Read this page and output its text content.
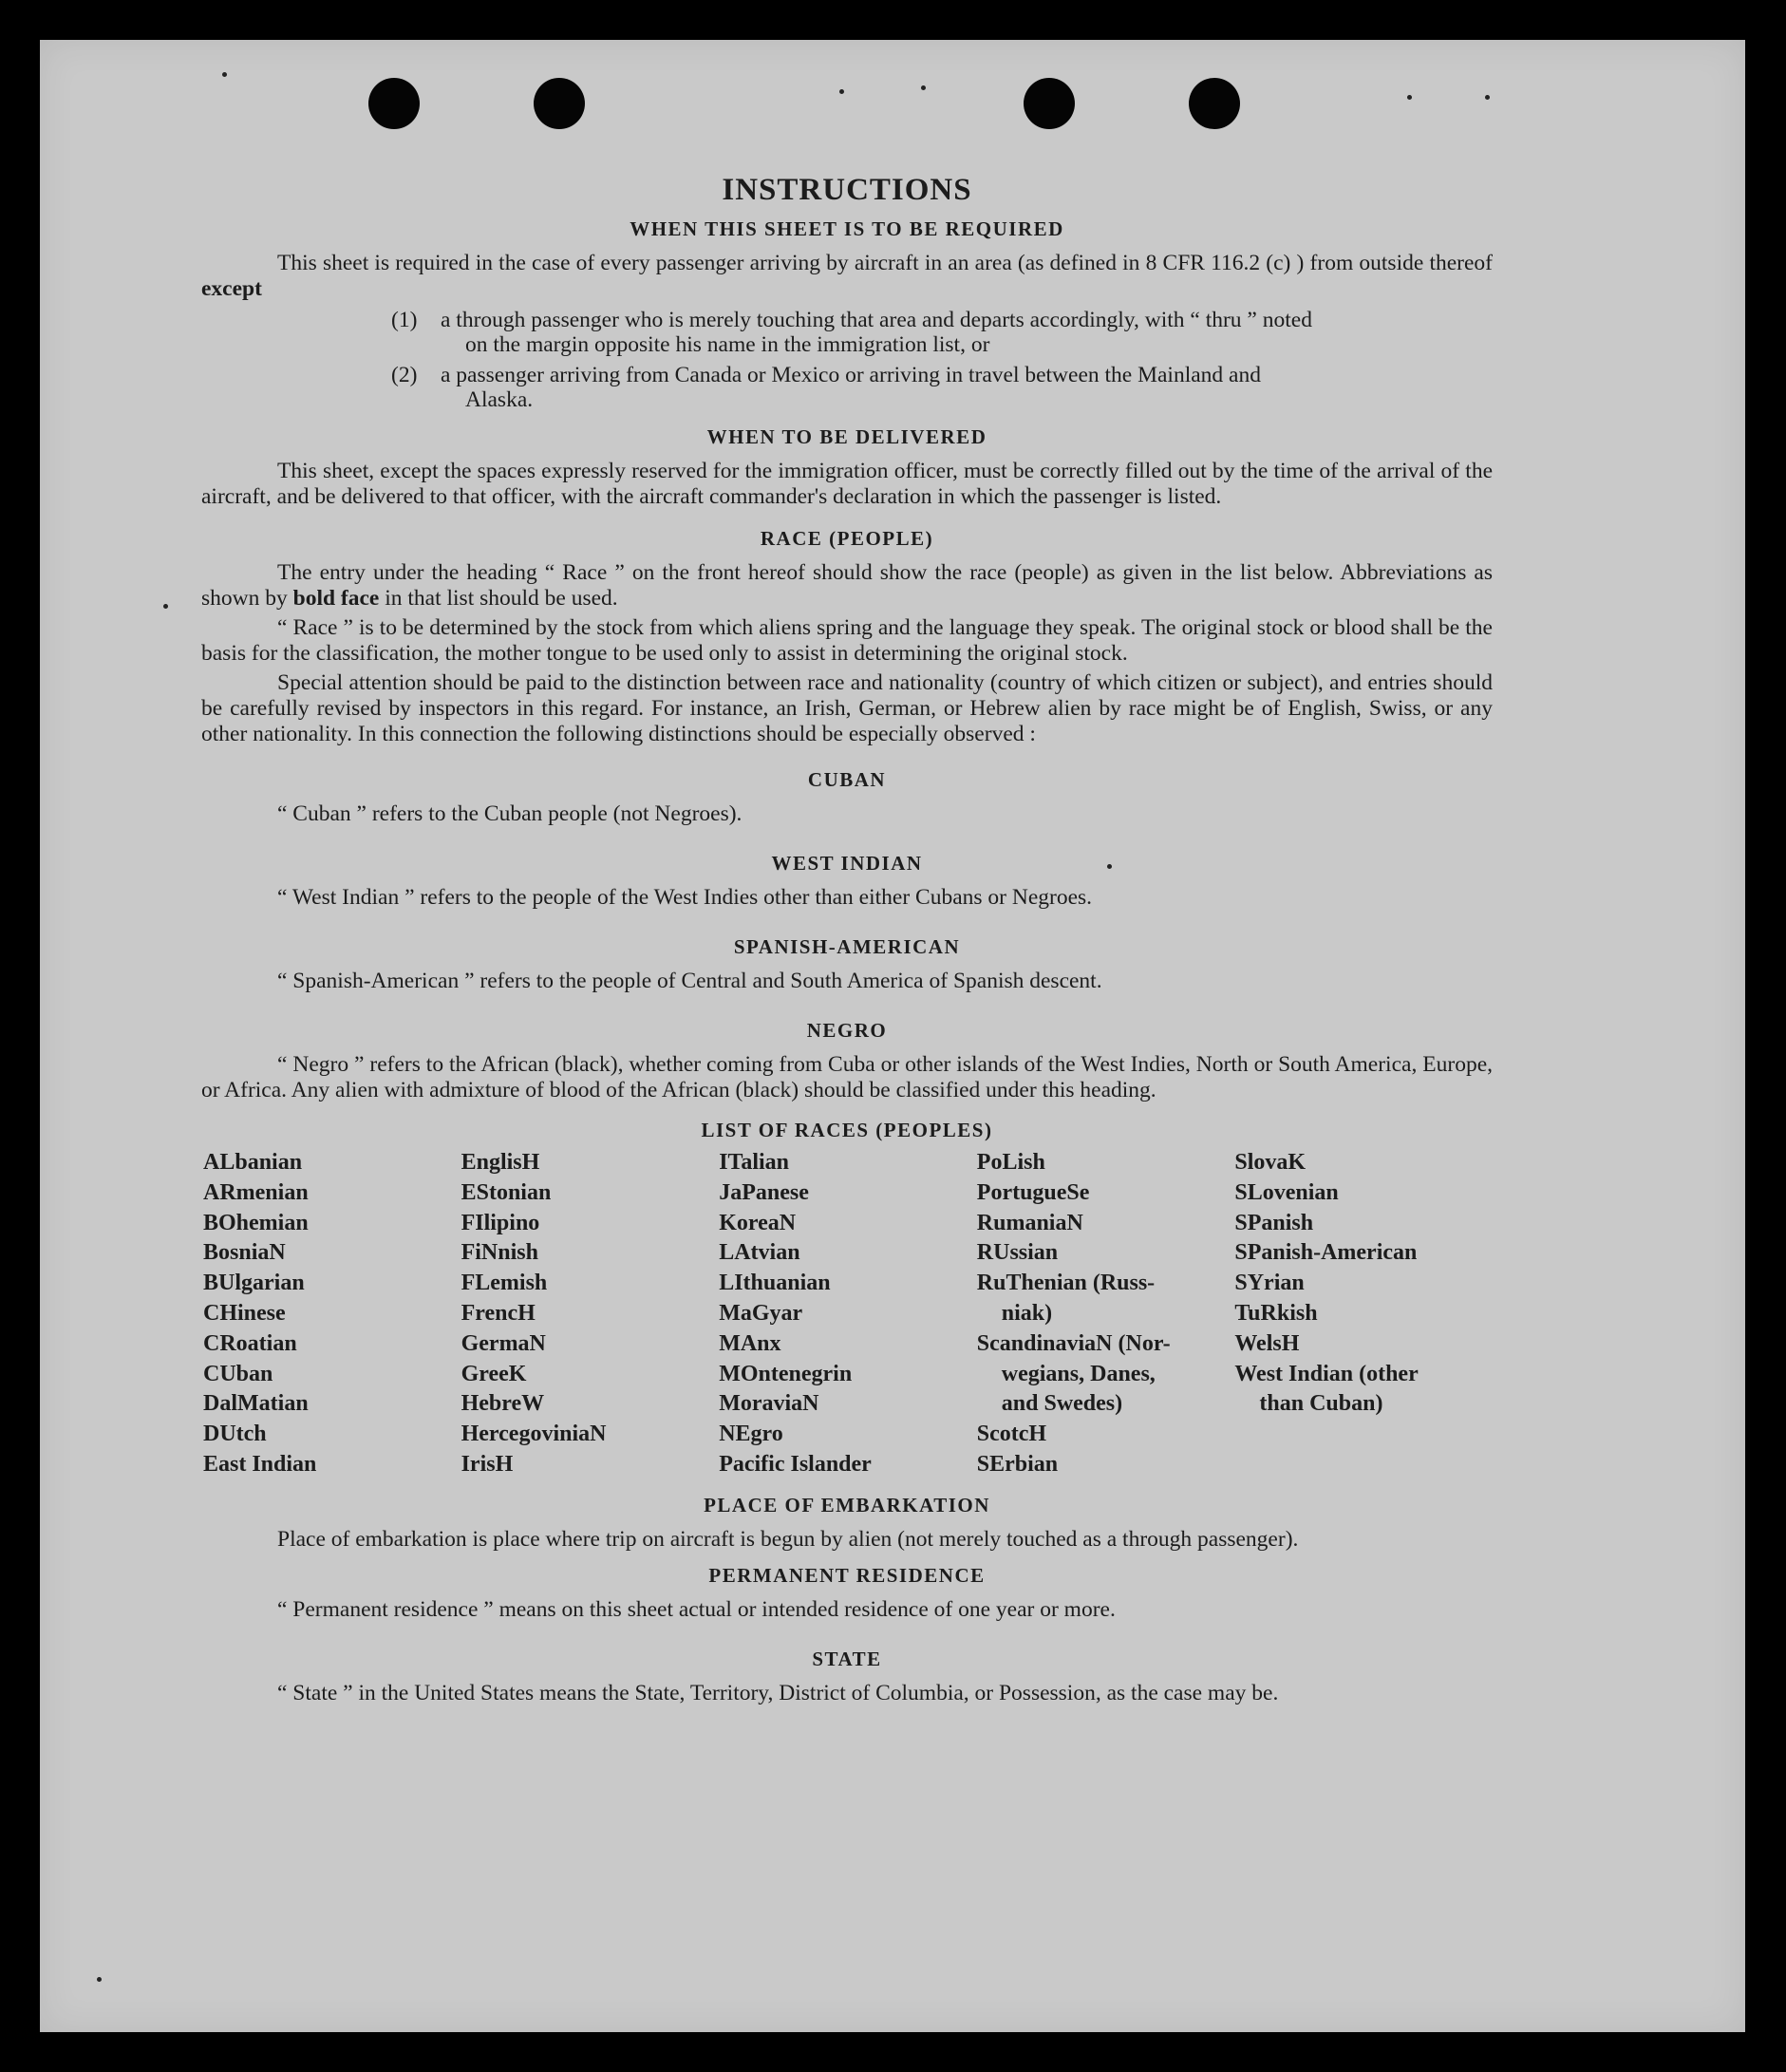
INSTRUCTIONS
WHEN THIS SHEET IS TO BE REQUIRED

This sheet is required in the case of every passenger arriving by aircraft in an area (as defined in 8 CFR 116.2 (c) ) from outside thereof except

(1)	a through passenger who is merely touching that area and departs accordingly, with “ thru ” noted
on the margin opposite his name in the immigration list, or
(2)	a passenger arriving from Canada or Mexico or arriving in travel between the Mainland and
Alaska.
WHEN TO BE DELIVERED

This sheet, except the spaces expressly reserved for the immigration officer, must be correctly filled out by the time of the arrival of the aircraft, and be delivered to that officer, with the aircraft commander's declaration in which the passenger is listed.

RACE (PEOPLE)

The entry under the heading “ Race ” on the front hereof should show the race (people) as given in the list below. Abbreviations as shown by bold face in that list should be used.

“ Race ” is to be determined by the stock from which aliens spring and the language they speak. The original stock or blood shall be the basis for the classification, the mother tongue to be used only to assist in determining the original stock.

Special attention should be paid to the distinction between race and nationality (country of which citizen or subject), and entries should be carefully revised by inspectors in this regard. For instance, an Irish, German, or Hebrew alien by race might be of English, Swiss, or any other nationality. In this connection the following distinctions should be especially observed :

CUBAN

“ Cuban ” refers to the Cuban people (not Negroes).

WEST INDIAN

“ West Indian ” refers to the people of the West Indies other than either Cubans or Negroes.

SPANISH-AMERICAN

“ Spanish-American ” refers to the people of Central and South America of Spanish descent.

NEGRO

“ Negro ” refers to the African (black), whether coming from Cuba or other islands of the West Indies, North or South America, Europe, or Africa. Any alien with admixture of blood of the African (black) should be classified under this heading.

LIST OF RACES (PEOPLES)
ALbanian
ARmenian
BOhemian
BosniaN
BUlgarian
CHinese
CRoatian
CUban
DalMatian
DUtch
East Indian
EnglisH
EStonian
FIlipino
FiNnish
FLemish
FrencH
GermaN
GreeK
HebreW
HercegoviniaN
IrisH
ITalian
JaPanese
KoreaN
LAtvian
LIthuanian
MaGyar
MAnx
MOntenegrin
MoraviaN
NEgro
Pacific Islander
PoLish
PortugueSe
RumaniaN
RUssian
RuThenian (Russ-
niak)
ScandinaviaN (Nor-
wegians, Danes,
and Swedes)
ScotcH
SErbian
SlovaK
SLovenian
SPanish
SPanish-American
SYrian
TuRkish
WelsH
West Indian (other
than Cuban)
PLACE OF EMBARKATION

Place of embarkation is place where trip on aircraft is begun by alien (not merely touched as a through passenger).

PERMANENT RESIDENCE

“ Permanent residence ” means on this sheet actual or intended residence of one year or more.

STATE

“ State ” in the United States means the State, Territory, District of Columbia, or Possession, as the case may be.
